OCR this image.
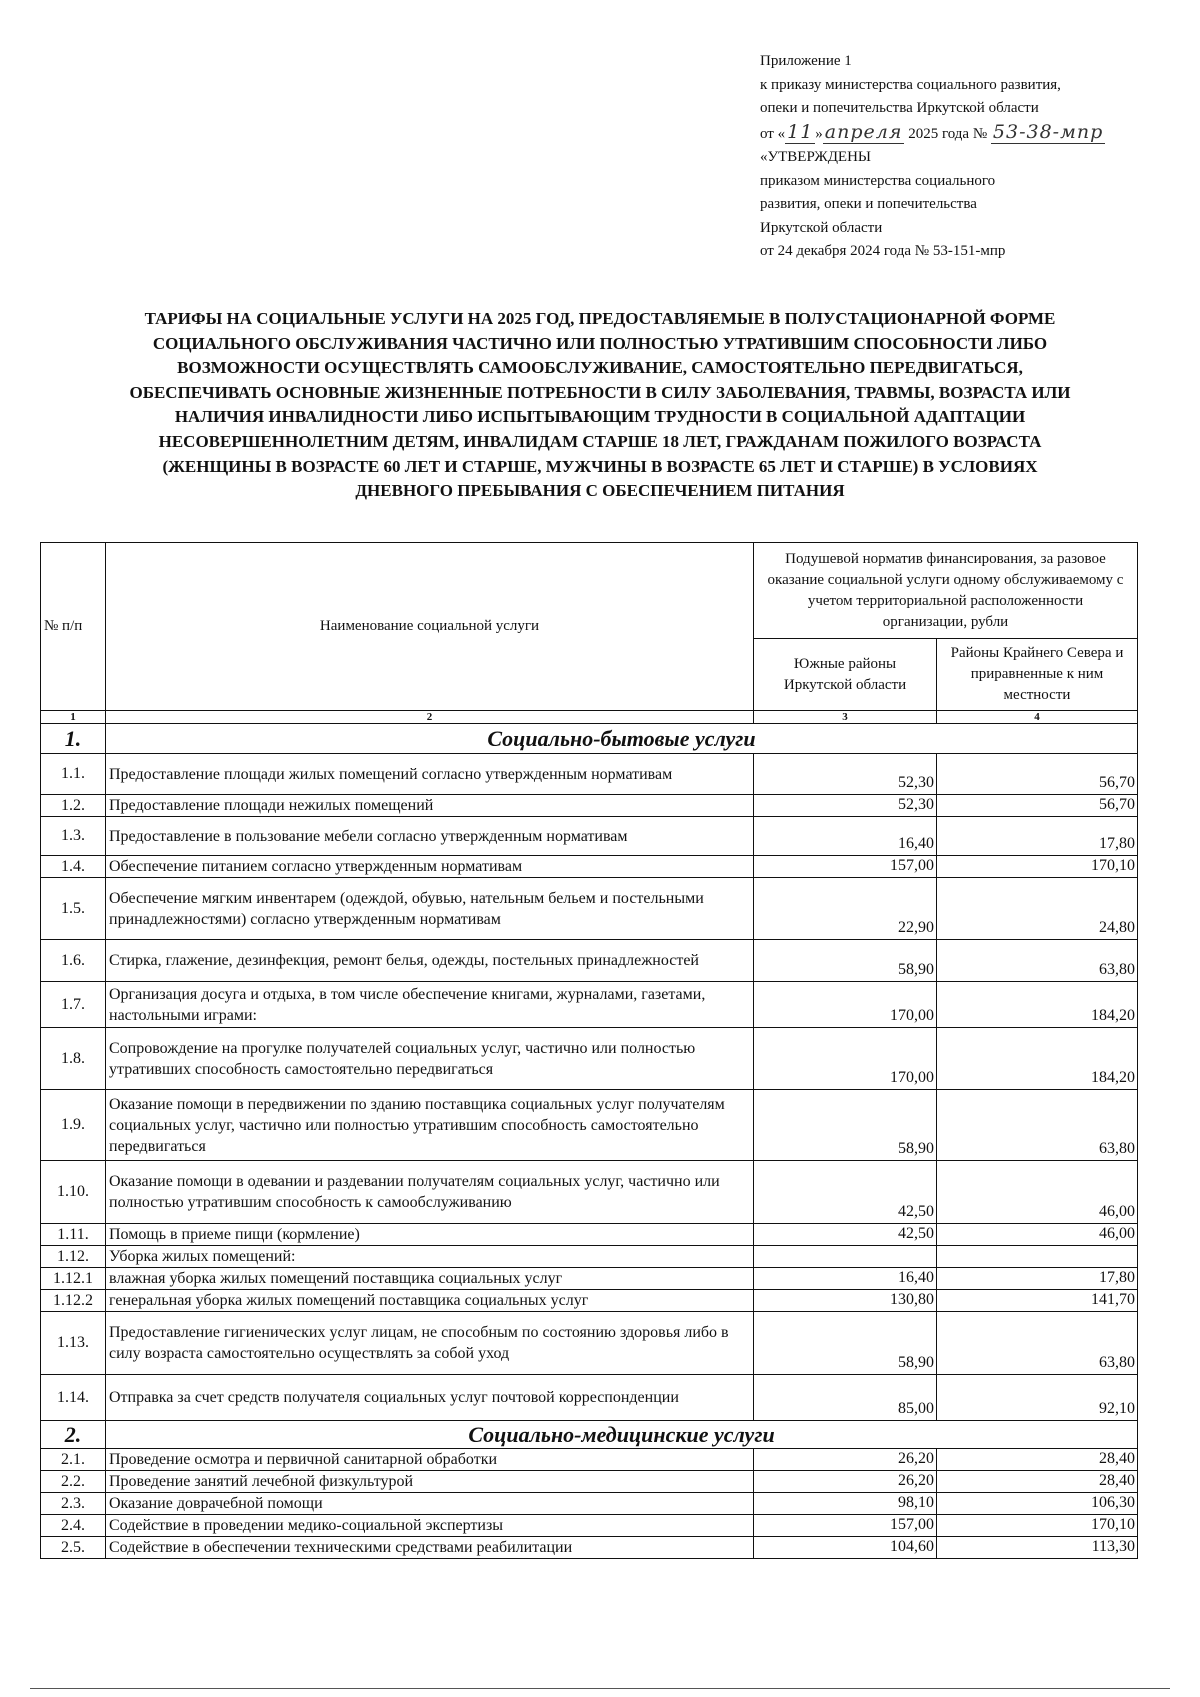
Приложение 1
к приказу министерства социального развития,
опеки и попечительства Иркутской области
от « 11 » апреля 2025 года № 53-38-мпр
«УТВЕРЖДЕНЫ
приказом министерства социального
развития, опеки и попечительства
Иркутской области
от 24 декабря 2024 года № 53-151-мпр
ТАРИФЫ НА СОЦИАЛЬНЫЕ УСЛУГИ НА 2025 ГОД, ПРЕДОСТАВЛЯЕМЫЕ В ПОЛУСТАЦИОНАРНОЙ ФОРМЕ
СОЦИАЛЬНОГО ОБСЛУЖИВАНИЯ ЧАСТИЧНО ИЛИ ПОЛНОСТЬЮ УТРАТИВШИМ СПОСОБНОСТИ ЛИБО
ВОЗМОЖНОСТИ ОСУЩЕСТВЛЯТЬ САМООБСЛУЖИВАНИЕ, САМОСТОЯТЕЛЬНО ПЕРЕДВИГАТЬСЯ,
ОБЕСПЕЧИВАТЬ ОСНОВНЫЕ ЖИЗНЕННЫЕ ПОТРЕБНОСТИ В СИЛУ ЗАБОЛЕВАНИЯ, ТРАВМЫ, ВОЗРАСТА ИЛИ
НАЛИЧИЯ ИНВАЛИДНОСТИ ЛИБО ИСПЫТЫВАЮЩИМ ТРУДНОСТИ В СОЦИАЛЬНОЙ АДАПТАЦИИ
НЕСОВЕРШЕННОЛЕТНИМ ДЕТЯМ, ИНВАЛИДАМ СТАРШЕ 18 ЛЕТ, ГРАЖДАНАМ ПОЖИЛОГО ВОЗРАСТА
(ЖЕНЩИНЫ В ВОЗРАСТЕ 60 ЛЕТ И СТАРШЕ, МУЖЧИНЫ В ВОЗРАСТЕ 65 ЛЕТ И СТАРШЕ) В УСЛОВИЯХ
ДНЕВНОГО ПРЕБЫВАНИЯ С ОБЕСПЕЧЕНИЕМ ПИТАНИЯ
№ п/п	Наименование социальной услуги	Подушевой норматив финансирования, за разовое оказание социальной услуги одному обслуживаемому с учетом территориальной расположенности организации, рубли	
		Южные районы Иркутской области	Районы Крайнего Севера и приравненные к ним местности
1	2	3	4
1.	Социально-бытовые услуги		
1.1.	Предоставление площади жилых помещений согласно утвержденным нормативам	52,30	56,70
1.2.	Предоставление площади нежилых помещений	52,30	56,70
1.3.	Предоставление в пользование мебели согласно утвержденным нормативам	16,40	17,80
1.4.	Обеспечение питанием согласно утвержденным нормативам	157,00	170,10
1.5.	Обеспечение мягким инвентарем (одеждой, обувью, нательным бельем и постельными принадлежностями) согласно утвержденным нормативам	22,90	24,80
1.6.	Стирка, глажение, дезинфекция, ремонт белья, одежды, постельных принадлежностей	58,90	63,80
1.7.	Организация досуга и отдыха, в том числе обеспечение книгами, журналами, газетами, настольными играми:	170,00	184,20
1.8.	Сопровождение на прогулке получателей социальных услуг, частично или полностью утративших способность самостоятельно передвигаться	170,00	184,20
1.9.	Оказание помощи в передвижении по зданию поставщика социальных услуг получателям социальных услуг, частично или полностью утратившим способность самостоятельно передвигаться	58,90	63,80
1.10.	Оказание помощи в одевании и раздевании получателям социальных услуг, частично или полностью утратившим способность к самообслуживанию	42,50	46,00
1.11.	Помощь в приеме пищи (кормление)	42,50	46,00
1.12.	Уборка жилых помещений:		
1.12.1	влажная уборка жилых помещений поставщика социальных услуг	16,40	17,80
1.12.2	генеральная уборка жилых помещений поставщика социальных услуг	130,80	141,70
1.13.	Предоставление гигиенических услуг лицам, не способным по состоянию здоровья либо в силу возраста самостоятельно осуществлять за собой уход	58,90	63,80
1.14.	Отправка за счет средств получателя социальных услуг почтовой корреспонденции	85,00	92,10
2.	Социально-медицинские услуги		
2.1.	Проведение осмотра и первичной санитарной обработки	26,20	28,40
2.2.	Проведение занятий лечебной физкультурой	26,20	28,40
2.3.	Оказание доврачебной помощи	98,10	106,30
2.4.	Содействие в проведении медико-социальной экспертизы	157,00	170,10
2.5.	Содействие в обеспечении техническими средствами реабилитации	104,60	113,30
